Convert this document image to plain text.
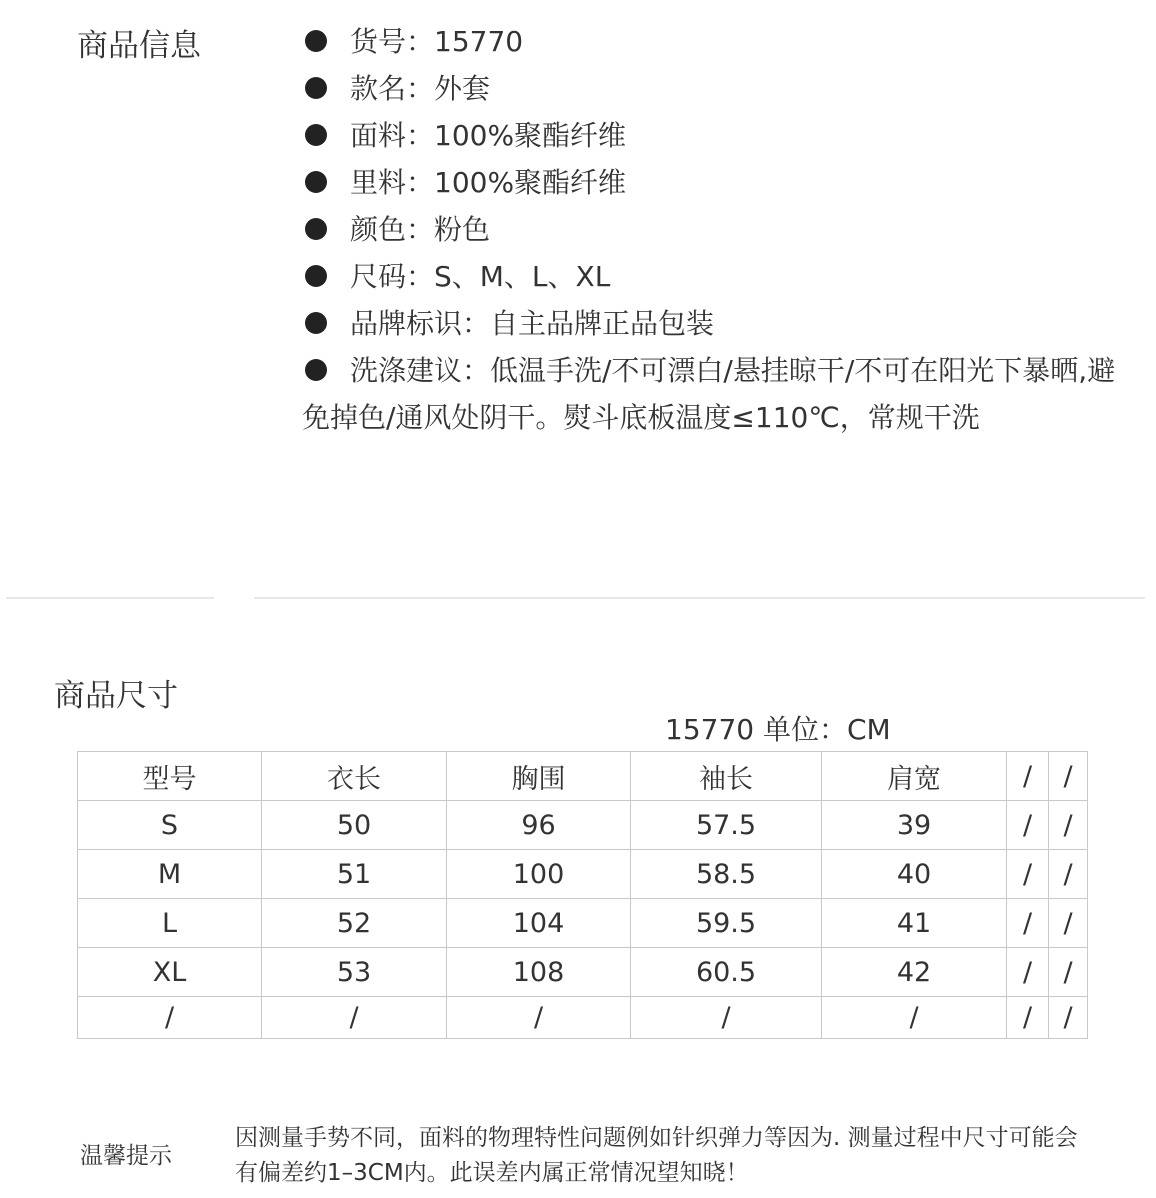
商品信息	货号：15770
款名：外套
面料：100%聚酯纤维
里料：100%聚酯纤维
颜色：粉色
尺码：S、M、L、XL
品牌标识：自主品牌正品包装
洗涤建议：低温手洗/不可漂白/悬挂晾干/不可在阳光下暴晒,避免掉色/通风处阴干。熨斗底板温度≤110℃，常规干洗
商品尺寸
15770 单位：CM
型号	衣长	胸围	袖长	肩宽	/	/
S	50	96	57.5	39	/	/
M	51	100	58.5	40	/	/
L	52	104	59.5	41	/	/
XL	53	108	60.5	42	/	/
/	/	/	/	/	/	/
温馨提示
因测量手势不同，面料的物理特性问题例如针织弹力等因为. 测量过程中尺寸可能会有偏差约1–3CM内。此误差内属正常情况望知晓！
